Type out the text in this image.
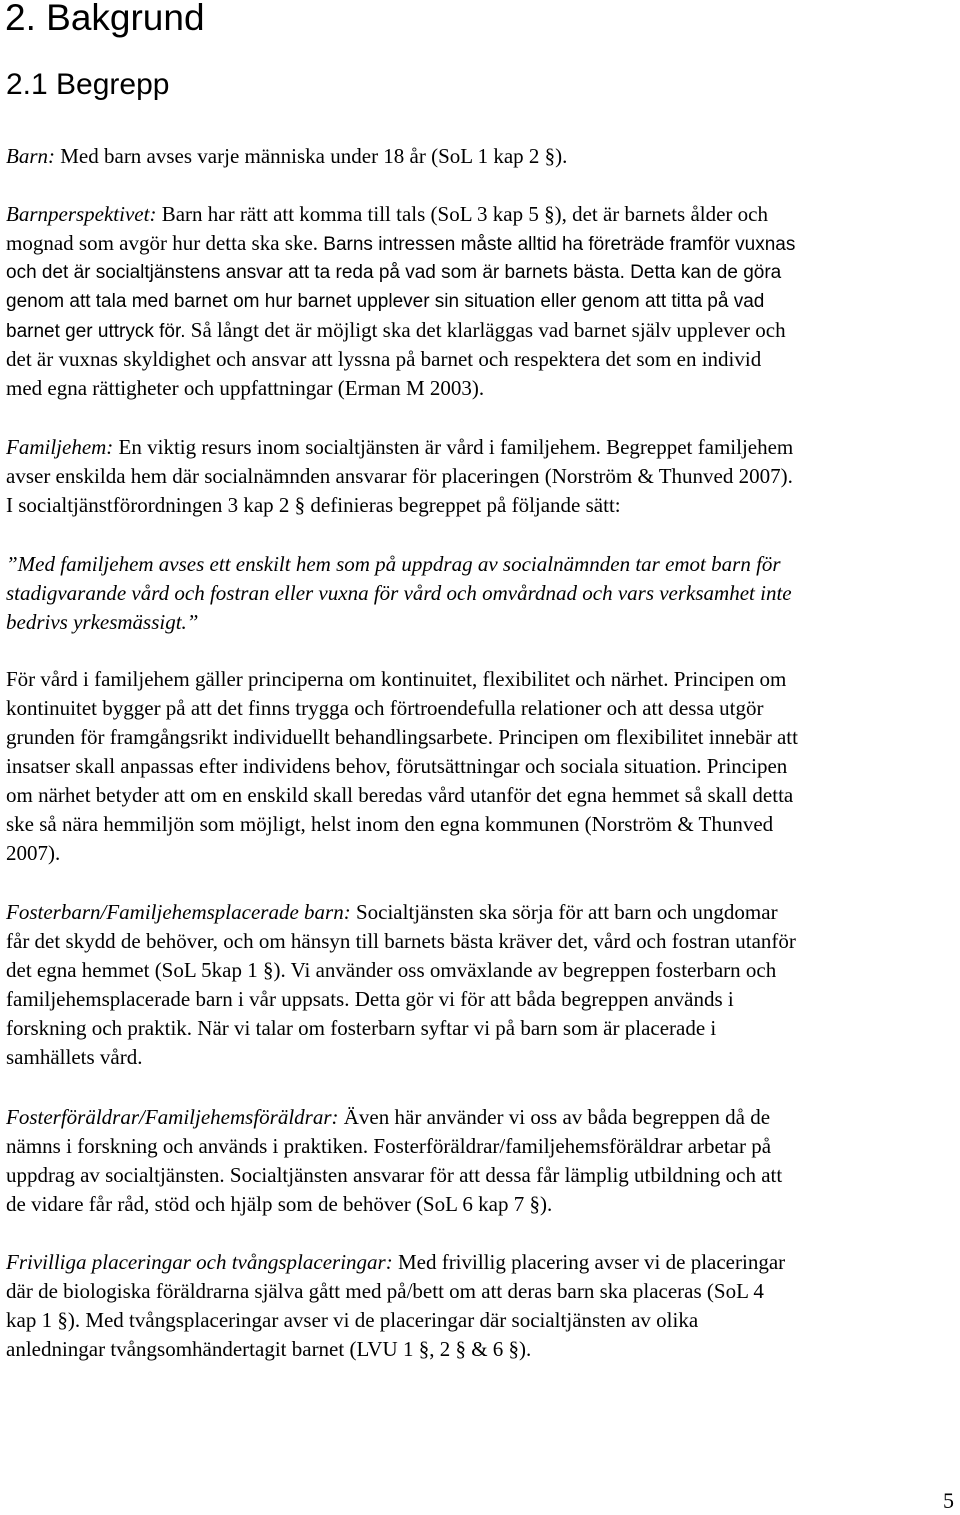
2. Bakgrund
2.1 Begrepp
Barn: Med barn avses varje människa under 18 år (SoL 1 kap 2 §).
Barnperspektivet: Barn har rätt att komma till tals (SoL 3 kap 5 §), det är barnets ålder och
mognad som avgör hur detta ska ske. Barns intressen måste alltid ha företräde framför vuxnas
och det är socialtjänstens ansvar att ta reda på vad som är barnets bästa. Detta kan de göra
genom att tala med barnet om hur barnet upplever sin situation eller genom att titta på vad
barnet ger uttryck för. Så långt det är möjligt ska det klarläggas vad barnet själv upplever och
det är vuxnas skyldighet och ansvar att lyssna på barnet och respektera det som en individ
med egna rättigheter och uppfattningar (Erman M 2003).
Familjehem: En viktig resurs inom socialtjänsten är vård i familjehem. Begreppet familjehem
avser enskilda hem där socialnämnden ansvarar för placeringen (Norström & Thunved 2007).
I socialtjänstförordningen 3 kap 2 § definieras begreppet på följande sätt:
”Med familjehem avses ett enskilt hem som på uppdrag av socialnämnden tar emot barn för
stadigvarande vård och fostran eller vuxna för vård och omvårdnad och vars verksamhet inte
bedrivs yrkesmässigt.”
För vård i familjehem gäller principerna om kontinuitet, flexibilitet och närhet. Principen om
kontinuitet bygger på att det finns trygga och förtroendefulla relationer och att dessa utgör
grunden för framgångsrikt individuellt behandlingsarbete. Principen om flexibilitet innebär att
insatser skall anpassas efter individens behov, förutsättningar och sociala situation. Principen
om närhet betyder att om en enskild skall beredas vård utanför det egna hemmet så skall detta
ske så nära hemmiljön som möjligt, helst inom den egna kommunen (Norström & Thunved
2007).
Fosterbarn/Familjehemsplacerade barn: Socialtjänsten ska sörja för att barn och ungdomar
får det skydd de behöver, och om hänsyn till barnets bästa kräver det, vård och fostran utanför
det egna hemmet (SoL 5kap 1 §). Vi använder oss omväxlande av begreppen fosterbarn och
familjehemsplacerade barn i vår uppsats. Detta gör vi för att båda begreppen används i
forskning och praktik. När vi talar om fosterbarn syftar vi på barn som är placerade i
samhällets vård.
Fosterföräldrar/Familjehemsföräldrar: Även här använder vi oss av båda begreppen då de
nämns i forskning och används i praktiken. Fosterföräldrar/familjehemsföräldrar arbetar på
uppdrag av socialtjänsten. Socialtjänsten ansvarar för att dessa får lämplig utbildning och att
de vidare får råd, stöd och hjälp som de behöver (SoL 6 kap 7 §).
Frivilliga placeringar och tvångsplaceringar: Med frivillig placering avser vi de placeringar
där de biologiska föräldrarna själva gått med på/bett om att deras barn ska placeras (SoL 4
kap 1 §). Med tvångsplaceringar avser vi de placeringar där socialtjänsten av olika
anledningar tvångsomhändertagit barnet (LVU 1 §, 2 § & 6 §).
5
